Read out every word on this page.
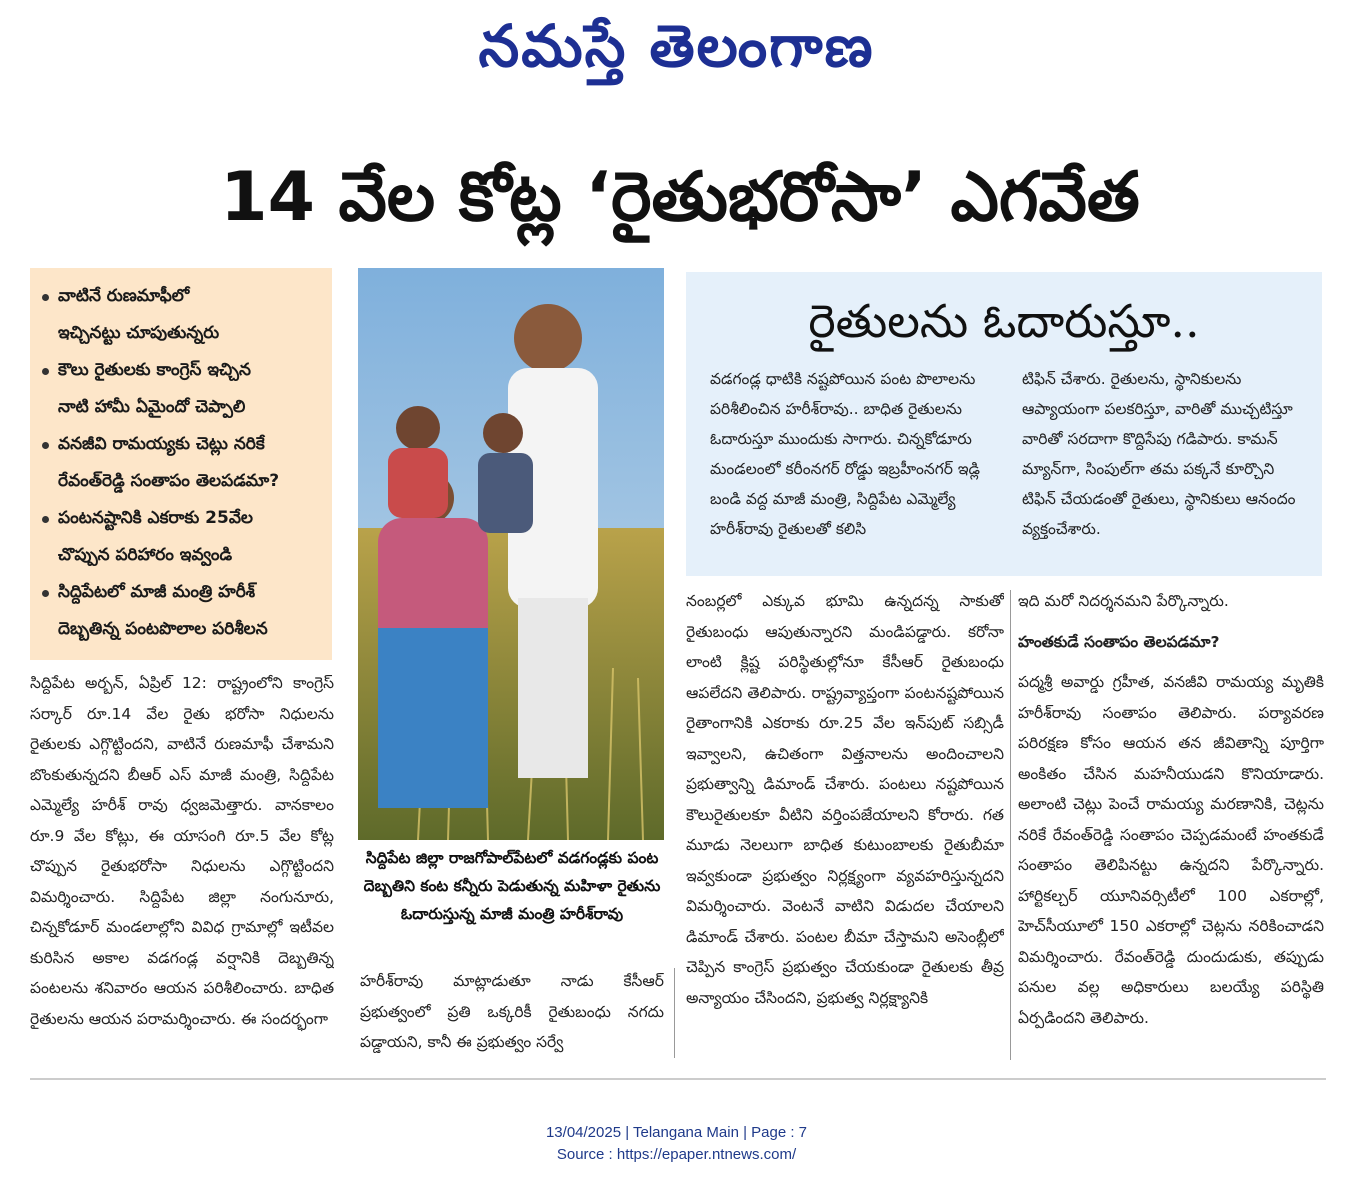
నమస్తే తెలంగాణ
14 వేల కోట్ల ‘రైతుభరోసా’ ఎగవేత
వాటినే రుణమాఫీలో
ఇచ్చినట్టు చూపుతున్నరు
కౌలు రైతులకు కాంగ్రెస్ ఇచ్చిన
నాటి హామీ ఏమైందో చెప్పాలి
వనజీవి రామయ్యకు చెట్లు నరికే
రేవంత్‌రెడ్డి సంతాపం తెలపడమా?
పంటనష్టానికి ఎకరాకు 25వేల
చొప్పున పరిహారం ఇవ్వండి
సిద్దిపేటలో మాజీ మంత్రి హరీశ్
దెబ్బతిన్న పంటపొలాల పరిశీలన
సిద్దిపేట అర్బన్, ఏప్రిల్ 12: రాష్ట్రంలోని కాంగ్రెస్ సర్కార్ రూ.14 వేల రైతు భరోసా నిధులను రైతులకు ఎగ్గొట్టిందని, వాటినే రుణమాఫీ చేశామని బొంకుతున్నదని బీఆర్ ఎస్ మాజీ మంత్రి, సిద్దిపేట ఎమ్మెల్యే హరీశ్ రావు ధ్వజమెత్తారు. వానకాలం రూ.9 వేల కోట్లు, ఈ యాసంగి రూ.5 వేల కోట్ల చొప్పున రైతుభరోసా నిధులను ఎగ్గొట్టిందని విమర్శించారు. సిద్దిపేట జిల్లా నంగునూరు, చిన్నకోడూర్ మండలాల్లోని వివిధ గ్రామాల్లో ఇటీవల కురిసిన అకాల వడగండ్ల వర్షానికి దెబ్బతిన్న పంటలను శనివారం ఆయన పరిశీలించారు. బాధిత రైతులను ఆయన పరామర్శించారు. ఈ సందర్భంగా
సిద్దిపేట జిల్లా రాజగోపాల్‌పేటలో వడగండ్లకు పంట దెబ్బతిని కంట కన్నీరు పెడుతున్న మహిళా రైతును ఓదారుస్తున్న మాజీ మంత్రి హరీశ్‌రావు
హరీశ్‌రావు మాట్లాడుతూ నాడు కేసీఆర్ ప్రభుత్వంలో ప్రతి ఒక్కరికీ రైతుబంధు నగదు పడ్డాయని, కానీ ఈ ప్రభుత్వం సర్వే
రైతులను ఓదారుస్తూ..
వడగండ్ల ధాటికి నష్టపోయిన పంట పొలాలను పరిశీలించిన హరీశ్‌రావు.. బాధిత రైతులను ఓదారుస్తూ ముందుకు సాగారు. చిన్నకోడూరు మండలంలో కరీంనగర్ రోడ్డు ఇబ్రహీంనగర్ ఇడ్లి బండి వద్ద మాజీ మంత్రి, సిద్దిపేట ఎమ్మెల్యే హరీశ్‌రావు రైతులతో కలిసి
టిఫిన్ చేశారు. రైతులను, స్థానికులను ఆప్యాయంగా పలకరిస్తూ, వారితో ముచ్చటిస్తూ వారితో సరదాగా కొద్దిసేపు గడిపారు. కామన్ మ్యాన్‌గా, సింపుల్‌గా తమ పక్కనే కూర్చొని టిఫిన్ చేయడంతో రైతులు, స్థానికులు ఆనందం వ్యక్తంచేశారు.
నంబర్లలో ఎక్కువ భూమి ఉన్నదన్న సాకుతో రైతుబంధు ఆపుతున్నారని మండిపడ్డారు. కరోనా లాంటి క్లిష్ట పరిస్థితుల్లోనూ కేసీఆర్ రైతుబంధు ఆపలేదని తెలిపారు. రాష్ట్రవ్యాప్తంగా పంటనష్టపోయిన రైతాంగానికి ఎకరాకు రూ.25 వేల ఇన్‌పుట్ సబ్సిడీ ఇవ్వాలని, ఉచితంగా విత్తనాలను అందించాలని ప్రభుత్వాన్ని డిమాండ్ చేశారు. పంటలు నష్టపోయిన కౌలురైతులకూ వీటిని వర్తింపజేయాలని కోరారు. గత మూడు నెలలుగా బాధిత కుటుంబాలకు రైతుబీమా ఇవ్వకుండా ప్రభుత్వం నిర్లక్ష్యంగా వ్యవహరిస్తున్నదని విమర్శించారు. వెంటనే వాటిని విడుదల చేయాలని డిమాండ్ చేశారు. పంటల బీమా చేస్తామని అసెంబ్లీలో చెప్పిన కాంగ్రెస్ ప్రభుత్వం చేయకుండా రైతులకు తీవ్ర అన్యాయం చేసిందని, ప్రభుత్వ నిర్లక్ష్యానికి
ఇది మరో నిదర్శనమని పేర్కొన్నారు.
హంతకుడే సంతాపం తెలపడమా?
పద్మశ్రీ అవార్డు గ్రహీత, వనజీవి రామయ్య మృతికి హరీశ్‌రావు సంతాపం తెలిపారు. పర్యావరణ పరిరక్షణ కోసం ఆయన తన జీవితాన్ని పూర్తిగా అంకితం చేసిన మహనీయుడని కొనియాడారు. అలాంటి చెట్లు పెంచే రామయ్య మరణానికి, చెట్లను నరికే రేవంత్‌రెడ్డి సంతాపం చెప్పడమంటే హంతకుడే సంతాపం తెలిపినట్టు ఉన్నదని పేర్కొన్నారు. హార్టికల్చర్ యూనివర్సిటీలో 100 ఎకరాల్లో, హెచ్‌సీయూలో 150 ఎకరాల్లో చెట్లను నరికించాడని విమర్శించారు. రేవంత్‌రెడ్డి దుందుడుకు, తప్పుడు పనుల వల్ల అధికారులు బలయ్యే పరిస్థితి ఏర్పడిందని తెలిపారు.
13/04/2025 | Telangana Main | Page : 7
Source : https://epaper.ntnews.com/
